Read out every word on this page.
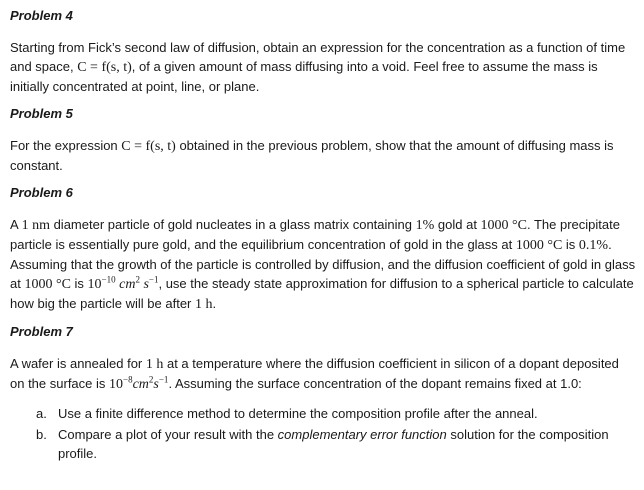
Problem 4

Starting from Fick’s second law of diffusion, obtain an expression for the concentration as a function of time and space, C = f(s, t), of a given amount of mass diffusing into a void. Feel free to assume the mass is initially concentrated at point, line, or plane.

Problem 5

For the expression C = f(s, t) obtained in the previous problem, show that the amount of diffusing mass is constant.

Problem 6

A 1 nm diameter particle of gold nucleates in a glass matrix containing 1% gold at 1000 °C. The precipitate particle is essentially pure gold, and the equilibrium concentration of gold in the glass at 1000 °C is 0.1%. Assuming that the growth of the particle is controlled by diffusion, and the diffusion coefficient of gold in glass at 1000 °C is $10^{-10}$ $cm^2$ $s^{-1}$, use the steady state approximation for diffusion to a spherical particle to calculate how big the particle will be after 1 h.

Problem 7

A wafer is annealed for 1 h at a temperature where the diffusion coefficient in silicon of a dopant deposited on the surface is $10^{-8}cm^2s^{-1}$. Assuming the surface concentration of the dopant remains fixed at 1.0:

a. Use a finite difference method to determine the composition profile after the anneal.
b. Compare a plot of your result with the complementary error function solution for the composition profile.
